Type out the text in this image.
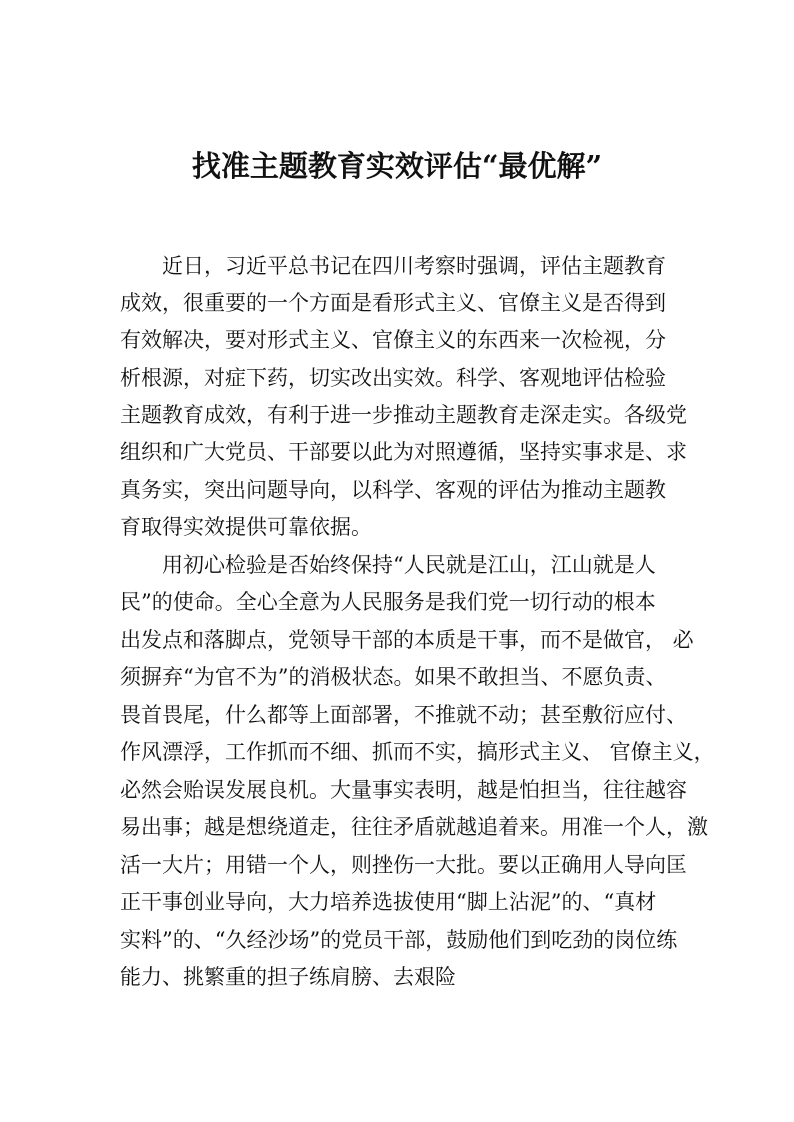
找准主题教育实效评估“最优解”
近日，习近平总书记在四川考察时强调，评估主题教育
成效，很重要的一个方面是看形式主义、官僚主义是否得到
有效解决，要对形式主义、官僚主义的东西来一次检视，分
析根源，对症下药，切实改出实效。科学、客观地评估检验
主题教育成效，有利于进一步推动主题教育走深走实。各级党
组织和广大党员、干部要以此为对照遵循，坚持实事求是、求
真务实，突出问题导向，以科学、客观的评估为推动主题教
育取得实效提供可靠依据。
用初心检验是否始终保持“人民就是江山，江山就是人
民”的使命。全心全意为人民服务是我们党一切行动的根本
出发点和落脚点，党领导干部的本质是干事，而不是做官， 必
须摒弃“为官不为”的消极状态。如果不敢担当、不愿负责、
畏首畏尾，什么都等上面部署，不推就不动；甚至敷衍应付、
作风漂浮，工作抓而不细、抓而不实，搞形式主义、 官僚主义，
必然会贻误发展良机。大量事实表明，越是怕担当，往往越容
易出事；越是想绕道走，往往矛盾就越追着来。用准一个人，激
活一大片；用错一个人，则挫伤一大批。要以正确用人导向匡
正干事创业导向，大力培养选拔使用“脚上沾泥”的、“真材
实料”的、“久经沙场”的党员干部，鼓励他们到吃劲的岗位练
能力、挑繁重的担子练肩膀、去艰险
